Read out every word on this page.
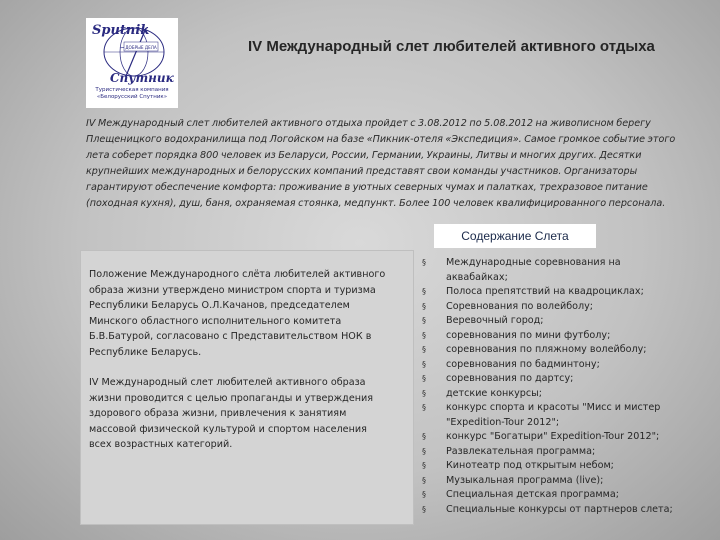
Sputnik
ДОБРЫЕ ДЕЛА
Спутник
Туристическая компания
«Белорусский Спутник»
IV Международный слет любителей активного отдыха
IV Международный слет любителей активного отдыха пройдет с 3.08.2012 по 5.08.2012 на живописном берегу Плещеницкого водохранилища под Логойском на базе «Пикник-отеля «Экспедиция». Самое громкое событие этого лета соберет порядка 800 человек из Беларуси, России, Германии, Украины, Литвы и многих других. Десятки крупнейших международных и белорусских компаний представят свои команды участников. Организаторы гарантируют обеспечение комфорта: проживание в уютных северных чумах и палатках, трехразовое питание (походная кухня), душ, баня, охраняемая стоянка, медпункт. Более 100 человек квалифицированного персонала.
Содержание Слета

Положение Международного слёта любителей активного образа жизни утверждено министром спорта и туризма Республики Беларусь О.Л.Качанов, председателем Минского областного исполнительного комитета Б.В.Батурой, согласовано с Представительством НОК в Республике Беларусь.

IV Международный слет любителей активного образа жизни проводится с целью пропаганды и утверждения здорового образа жизни, привлечения к занятиям массовой физической культурой и спортом населения всех возрастных категорий.

§ Международные соревнования на аквабайках;
§ Полоса препятствий на квадроциклах;
§ Соревнования по волейболу;
§ Веревочный город;
§ соревнования по мини футболу;
§ соревнования по пляжному волейболу;
§ соревнования по бадминтону;
§ соревнования по дартсу;
§ детские конкурсы;
§ конкурс спорта и красоты "Мисс и мистер "Expedition-Tour 2012";
§ конкурс "Богатыри" Expedition-Tour 2012";
§ Развлекательная программа;
§ Кинотеатр под открытым небом;
§ Музыкальная программа (live);
§ Специальная детская программа;
§ Специальные конкурсы от партнеров слета;
